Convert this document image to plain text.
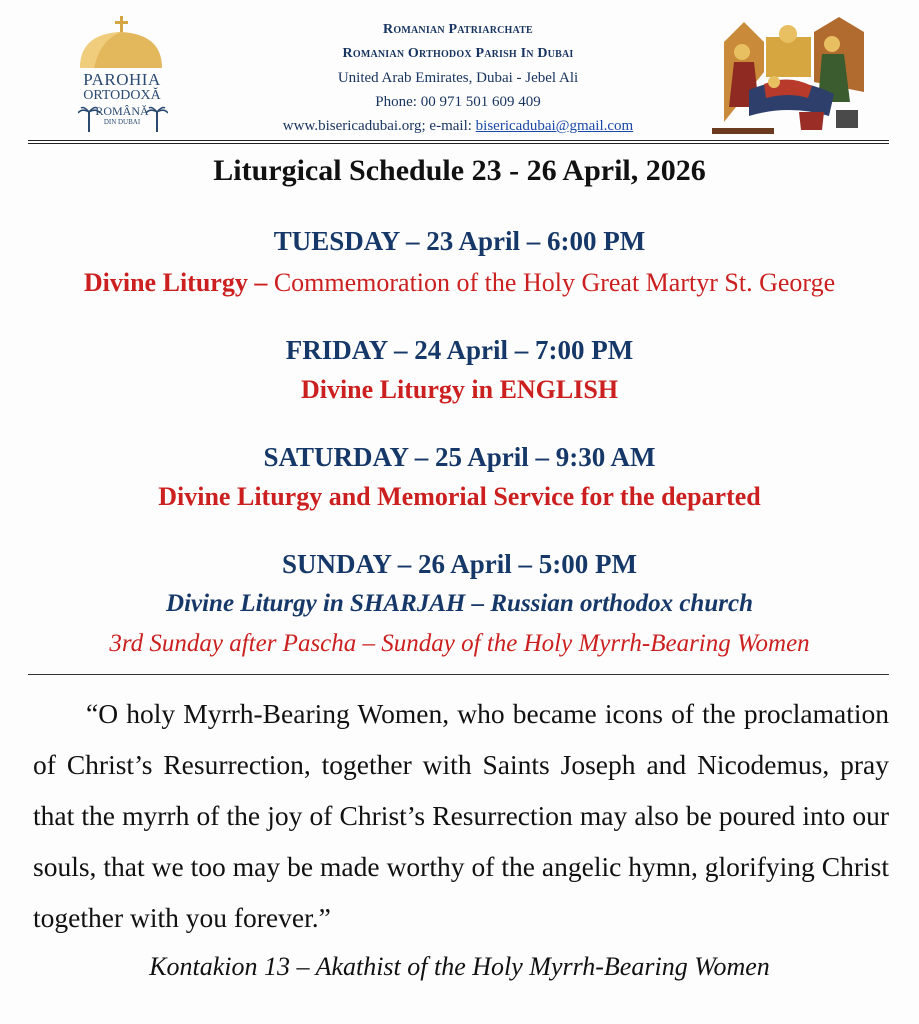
PAROHIA
ORTODOXĂ
ROMÂNĂ
DIN DUBAI
Romanian Patriarchate
Romanian Orthodox Parish In Dubai
United Arab Emirates, Dubai - Jebel Ali
Phone: 00 971 501 609 409
www.bisericadubai.org; e-mail: bisericadubai@gmail.com
Liturgical Schedule 23 - 26 April, 2026
TUESDAY – 23 April – 6:00 PM
Divine Liturgy – Commemoration of the Holy Great Martyr St. George
FRIDAY – 24 April – 7:00 PM
Divine Liturgy in ENGLISH
SATURDAY – 25 April – 9:30 AM
Divine Liturgy and Memorial Service for the departed
SUNDAY – 26 April – 5:00 PM
Divine Liturgy in SHARJAH – Russian orthodox church
3rd Sunday after Pascha – Sunday of the Holy Myrrh-Bearing Women
“O holy Myrrh-Bearing Women, who became icons of the proclamation of Christ’s Resurrection, together with Saints Joseph and Nicodemus, pray that the myrrh of the joy of Christ’s Resurrection may also be poured into our souls, that we too may be made worthy of the angelic hymn, glorifying Christ together with you forever.”
Kontakion 13 – Akathist of the Holy Myrrh-Bearing Women
